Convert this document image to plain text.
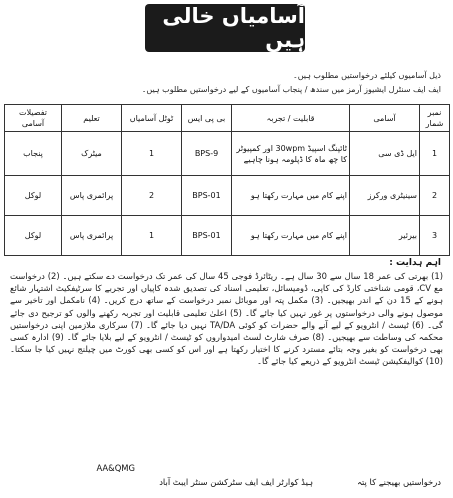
آسامیاں خالی ہیں
ذیل آسامیوں کیلئے درخواستیں مطلوب ہیں۔
ایف ایف سنٹرل ایشیوز آرمز میں سندھ / پنجاب آسامیوں کے لیے درخواستیں مطلوب ہیں۔
نمبر شمار	آسامی	قابلیت / تجربہ	بی پی ایس	ٹوٹل آسامیاں	تعلیم	تفصیلات آسامی
1	ایل ڈی سی	ٹائپنگ اسپیڈ 30wpm اور کمپیوٹر کا چھ ماہ کا ڈپلومہ ہونا چاہیے	BPS-9	1	میٹرک	پنجاب
2	سینیٹری ورکرز	اپنے کام میں مہارت رکھتا ہو	BPS-01	2	پرائمری پاس	لوکل
3	بیرئیر	اپنے کام میں مہارت رکھتا ہو	BPS-01	1	پرائمری پاس	لوکل
اہم ہدایت :
(1) بھرتی کی عمر 18 سال سے 30 سال ہے۔ ریٹائرڈ فوجی 45 سال کی عمر تک درخواست دے سکتے ہیں۔ (2) درخواست مع CV، قومی شناختی کارڈ کی کاپی، ڈومیسائل، تعلیمی اسناد کی تصدیق شدہ کاپیاں اور تجربے کا سرٹیفکیٹ اشتہار شائع ہونے کے 15 دن کے اندر بھیجیں۔ (3) مکمل پتہ اور موبائل نمبر درخواست کے ساتھ درج کریں۔ (4) نامکمل اور تاخیر سے موصول ہونے والی درخواستوں پر غور نہیں کیا جائے گا۔ (5) اعلیٰ تعلیمی قابلیت اور تجربہ رکھنے والوں کو ترجیح دی جائے گی۔ (6) ٹیسٹ / انٹرویو کے لیے آنے والے حضرات کو کوئی TA/DA نہیں دیا جائے گا۔ (7) سرکاری ملازمین اپنی درخواستیں محکمہ کی وساطت سے بھیجیں۔ (8) صرف شارٹ لسٹ امیدواروں کو ٹیسٹ / انٹرویو کے لیے بلایا جائے گا۔ (9) ادارہ کسی بھی درخواست کو بغیر وجہ بتائے مسترد کرنے کا اختیار رکھتا ہے اور اس کو کسی بھی کورٹ میں چیلنج نہیں کیا جا سکتا۔ (10) کوالیفکیشن ٹیسٹ انٹرویو کے ذریعے کیا جائے گا۔
درخواستیں بھیجنے کا پتہ
AA&QMG
ہیڈ کوارٹر ایف ایف سٹرکشن سنٹر ایبٹ آباد
